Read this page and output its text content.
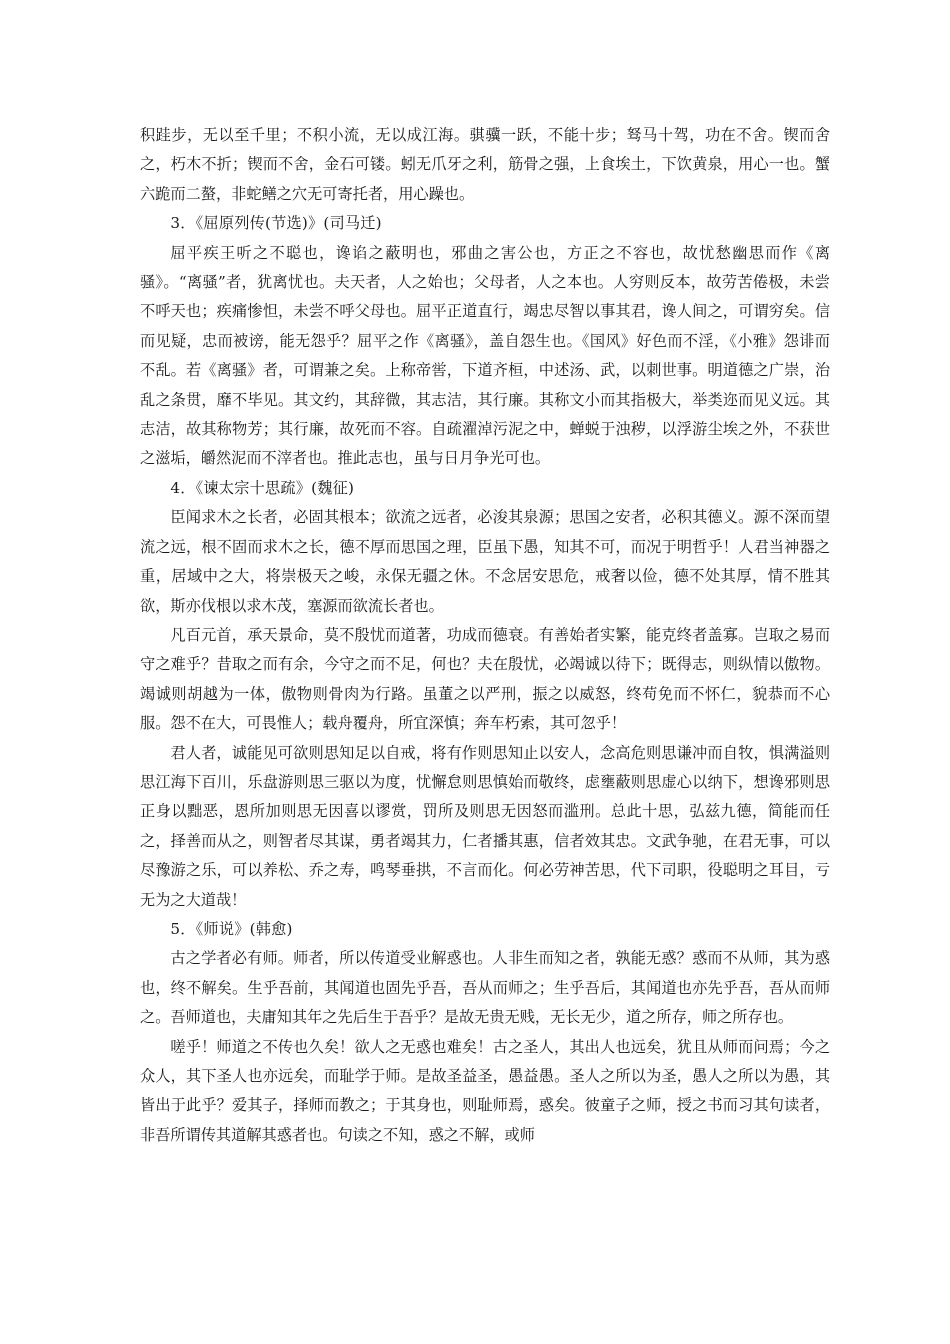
积跬步，无以至千里；不积小流，无以成江海。骐骥一跃，不能十步；驽马十驾，功在不舍。锲而舍之，朽木不折；锲而不舍，金石可镂。蚓无爪牙之利，筋骨之强，上食埃土，下饮黄泉，用心一也。蟹六跪而二螯，非蛇鳝之穴无可寄托者，用心躁也。

3．《屈原列传(节选)》(司马迁)

屈平疾王听之不聪也，谗谄之蔽明也，邪曲之害公也，方正之不容也，故忧愁幽思而作《离骚》。“离骚”者，犹离忧也。夫天者，人之始也；父母者，人之本也。人穷则反本，故劳苦倦极，未尝不呼天也；疾痛惨怛，未尝不呼父母也。屈平正道直行，竭忠尽智以事其君，谗人间之，可谓穷矣。信而见疑，忠而被谤，能无怨乎？屈平之作《离骚》，盖自怨生也。《国风》好色而不淫，《小雅》怨诽而不乱。若《离骚》者，可谓兼之矣。上称帝喾，下道齐桓，中述汤、武，以刺世事。明道德之广崇，治乱之条贯，靡不毕见。其文约，其辞微，其志洁，其行廉。其称文小而其指极大，举类迩而见义远。其志洁，故其称物芳；其行廉，故死而不容。自疏濯淖污泥之中，蝉蜕于浊秽，以浮游尘埃之外，不获世之滋垢，皭然泥而不滓者也。推此志也，虽与日月争光可也。

4．《谏太宗十思疏》(魏征)

臣闻求木之长者，必固其根本；欲流之远者，必浚其泉源；思国之安者，必积其德义。源不深而望流之远，根不固而求木之长，德不厚而思国之理，臣虽下愚，知其不可，而况于明哲乎！人君当神器之重，居域中之大，将崇极天之峻，永保无疆之休。不念居安思危，戒奢以俭，德不处其厚，情不胜其欲，斯亦伐根以求木茂，塞源而欲流长者也。

凡百元首，承天景命，莫不殷忧而道著，功成而德衰。有善始者实繁，能克终者盖寡。岂取之易而守之难乎？昔取之而有余，今守之而不足，何也？夫在殷忧，必竭诚以待下；既得志，则纵情以傲物。竭诚则胡越为一体，傲物则骨肉为行路。虽董之以严刑，振之以威怒，终苟免而不怀仁，貌恭而不心服。怨不在大，可畏惟人；载舟覆舟，所宜深慎；奔车朽索，其可忽乎！

君人者，诚能见可欲则思知足以自戒，将有作则思知止以安人，念高危则思谦冲而自牧，惧满溢则思江海下百川，乐盘游则思三驱以为度，忧懈怠则思慎始而敬终，虑壅蔽则思虚心以纳下，想谗邪则思正身以黜恶，恩所加则思无因喜以谬赏，罚所及则思无因怒而滥刑。总此十思，弘兹九德，简能而任之，择善而从之，则智者尽其谋，勇者竭其力，仁者播其惠，信者效其忠。文武争驰，在君无事，可以尽豫游之乐，可以养松、乔之寿，鸣琴垂拱，不言而化。何必劳神苦思，代下司职，役聪明之耳目，亏无为之大道哉！

5．《师说》(韩愈)

古之学者必有师。师者，所以传道受业解惑也。人非生而知之者，孰能无惑？惑而不从师，其为惑也，终不解矣。生乎吾前，其闻道也固先乎吾，吾从而师之；生乎吾后，其闻道也亦先乎吾，吾从而师之。吾师道也，夫庸知其年之先后生于吾乎？是故无贵无贱，无长无少，道之所存，师之所存也。

嗟乎！师道之不传也久矣！欲人之无惑也难矣！古之圣人，其出人也远矣，犹且从师而问焉；今之众人，其下圣人也亦远矣，而耻学于师。是故圣益圣，愚益愚。圣人之所以为圣，愚人之所以为愚，其皆出于此乎？爱其子，择师而教之；于其身也，则耻师焉，惑矣。彼童子之师，授之书而习其句读者，非吾所谓传其道解其惑者也。句读之不知，惑之不解，或师
